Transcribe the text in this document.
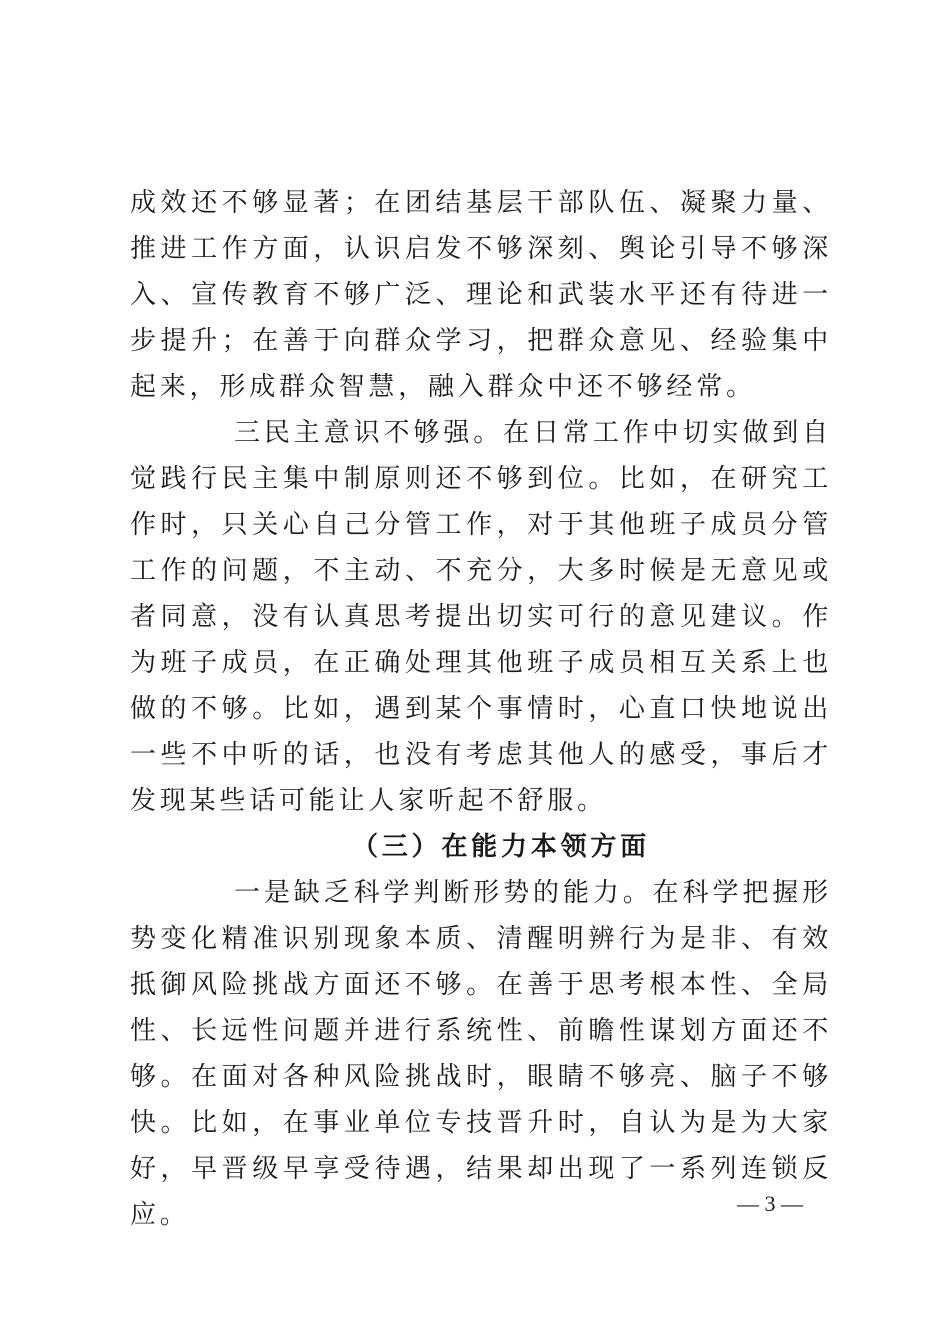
成效还不够显著；在团结基层干部队伍、凝聚力量、推进工作方面，认识启发不够深刻、舆论引导不够深入、宣传教育不够广泛、理论和武装水平还有待进一步提升；在善于向群众学习，把群众意见、经验集中起来，形成群众智慧，融入群众中还不够经常。

三民主意识不够强。在日常工作中切实做到自觉践行民主集中制原则还不够到位。比如，在研究工作时，只关心自己分管工作，对于其他班子成员分管工作的问题，不主动、不充分，大多时候是无意见或者同意，没有认真思考提出切实可行的意见建议。作为班子成员，在正确处理其他班子成员相互关系上也做的不够。比如，遇到某个事情时，心直口快地说出一些不中听的话，也没有考虑其他人的感受，事后才发现某些话可能让人家听起不舒服。

（三）在能力本领方面

一是缺乏科学判断形势的能力。在科学把握形势变化精准识别现象本质、清醒明辨行为是非、有效抵御风险挑战方面还不够。在善于思考根本性、全局性、长远性问题并进行系统性、前瞻性谋划方面还不够。在面对各种风险挑战时，眼睛不够亮、脑子不够快。比如，在事业单位专技晋升时，自认为是为大家好，早晋级早享受待遇，结果却出现了一系列连锁反应。	— 3 —
